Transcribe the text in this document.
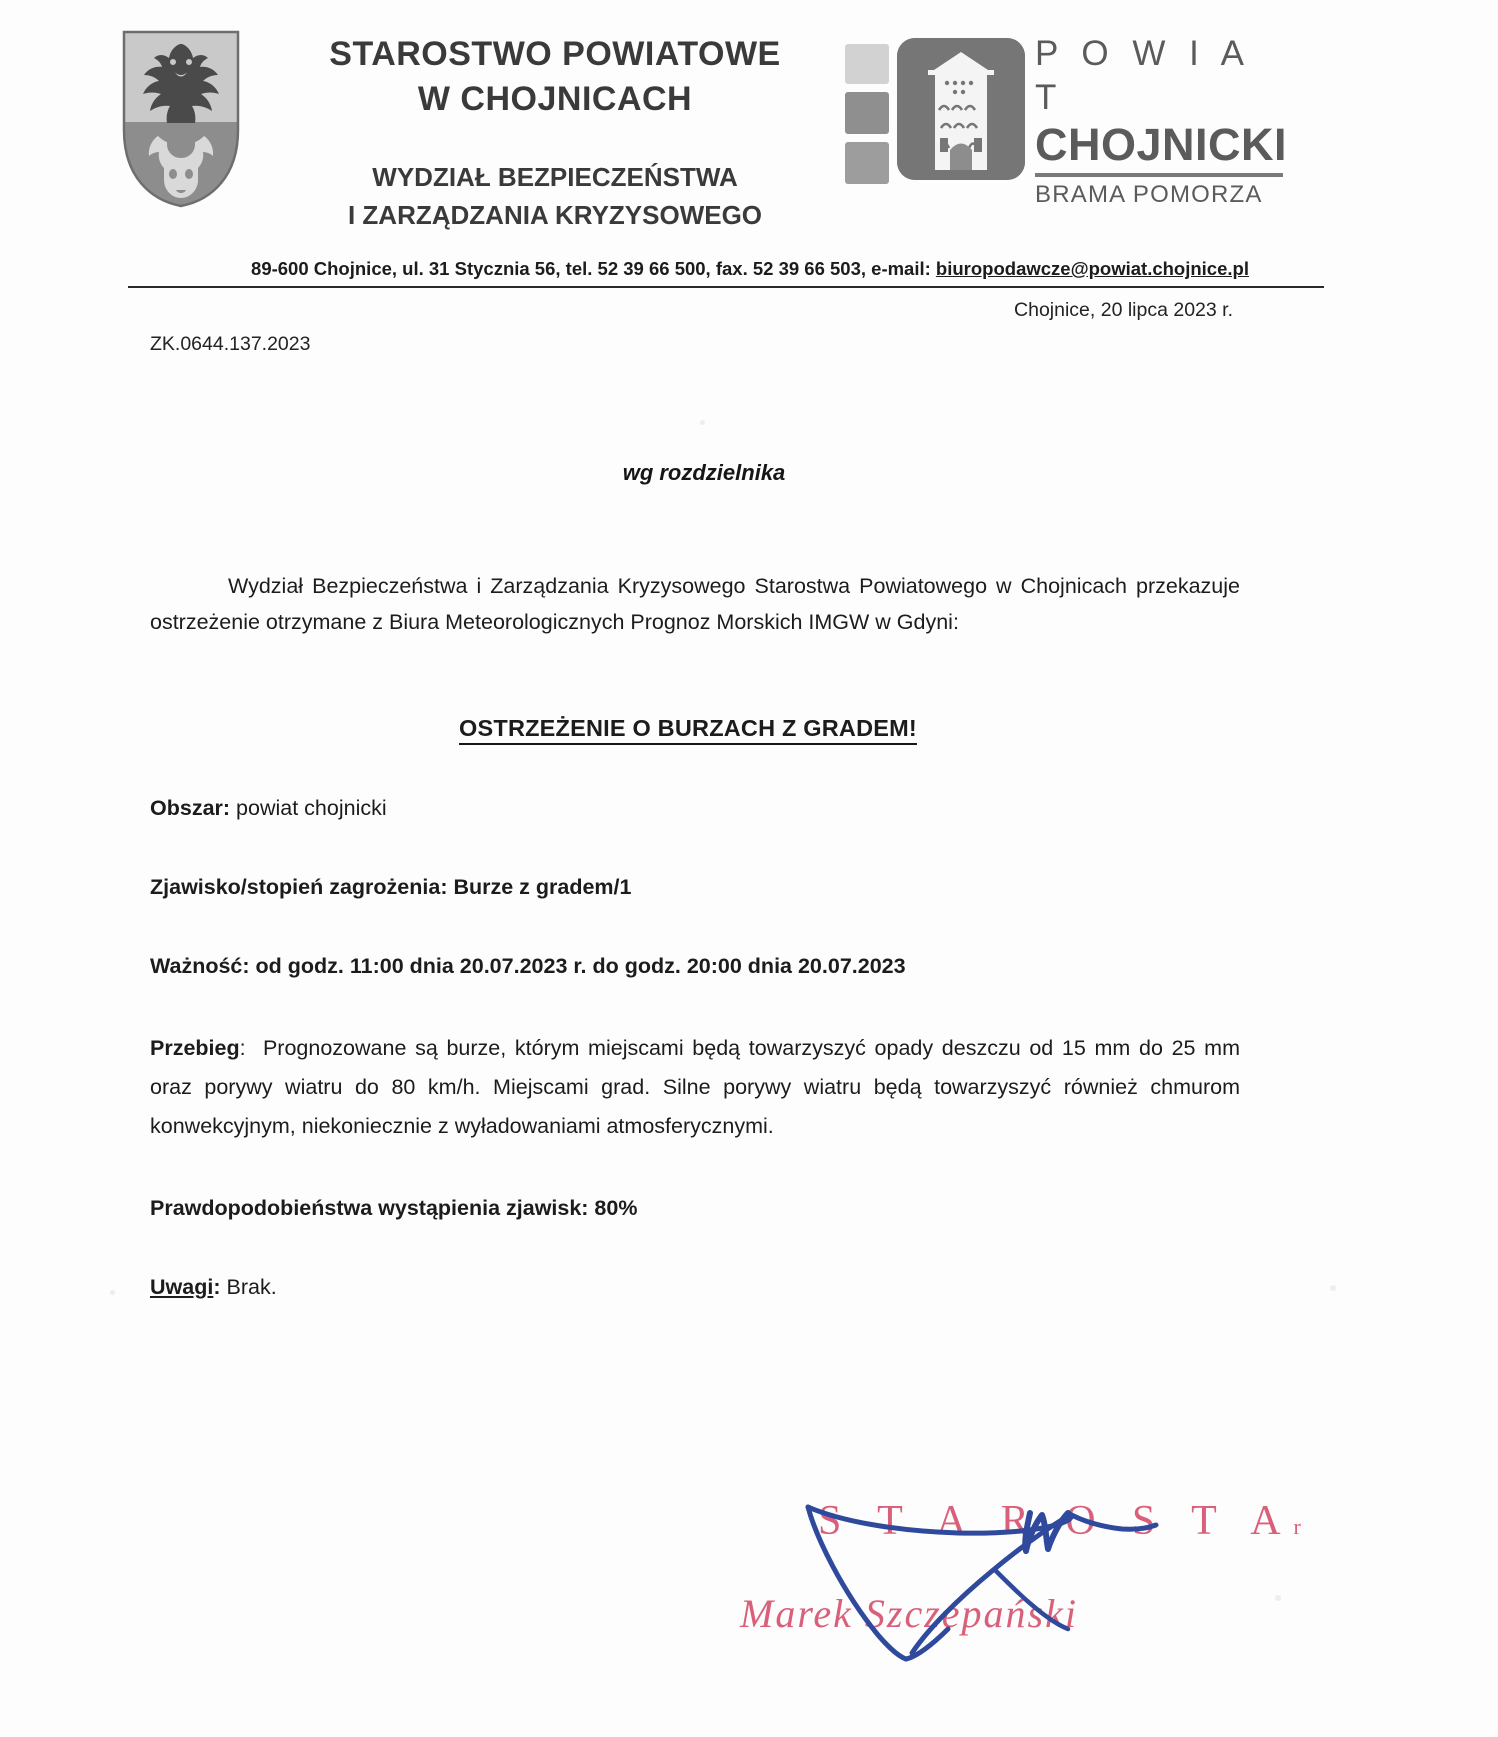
STAROSTWO POWIATOWE
W CHOJNICACH
WYDZIAŁ BEZPIECZEŃSTWA
I ZARZĄDZANIA KRYZYSOWEGO
P O W I A T
CHOJNICKI
BRAMA POMORZA
89-600 Chojnice, ul. 31 Stycznia 56, tel. 52 39 66 500, fax. 52 39 66 503, e-mail: biuropodawcze@powiat.chojnice.pl
Chojnice, 20 lipca 2023 r.
ZK.0644.137.2023
wg rozdzielnika

Wydział Bezpieczeństwa i Zarządzania Kryzysowego Starostwa Powiatowego w Chojnicach przekazuje ostrzeżenie otrzymane z Biura Meteorologicznych Prognoz Morskich IMGW w Gdyni:

OSTRZEŻENIE O BURZACH Z GRADEM!

Obszar: powiat chojnicki

Zjawisko/stopień zagrożenia: Burze z gradem/1

Ważność: od godz. 11:00 dnia 20.07.2023 r. do godz. 20:00 dnia 20.07.2023

Przebieg: Prognozowane są burze, którym miejscami będą towarzyszyć opady deszczu od 15 mm do 25 mm oraz porywy wiatru do 80 km/h. Miejscami grad. Silne porywy wiatru będą towarzyszyć również chmurom konwekcyjnym, niekoniecznie z wyładowaniami atmosferycznymi.

Prawdopodobieństwa wystąpienia zjawisk: 80%

Uwagi: Brak.

S T A R O S T Ar
Marek Szczepański
